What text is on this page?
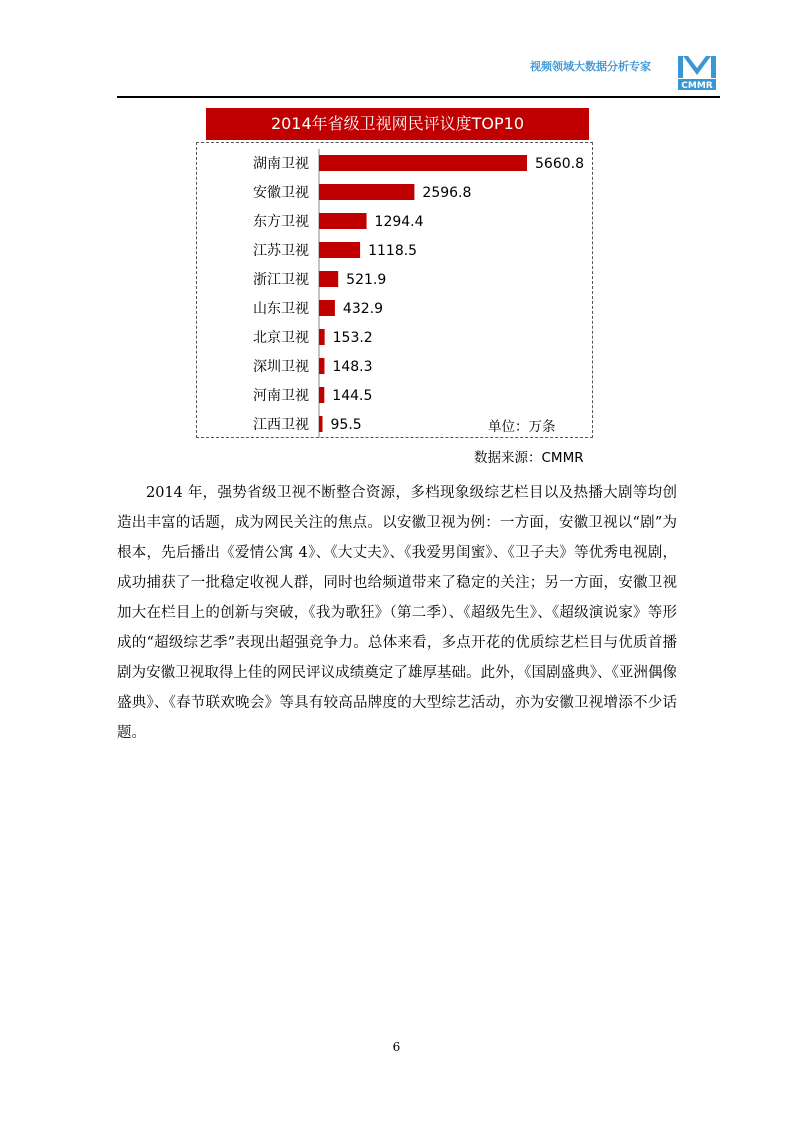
视频领域大数据分析专家
CMMR
2014年省级卫视网民评议度TOP10
湖南卫视	5660.8
安徽卫视	2596.8
东方卫视	1294.4
江苏卫视	1118.5
浙江卫视	521.9
山东卫视 432.9
北京卫视 153.2
深圳卫视 148.3
河南卫视 144.5
江西卫视 95.5	单位：万条
数据来源：CMMR

2014 年，强势省级卫视不断整合资源，多档现象级综艺栏目以及热播大剧等均创造出丰富的话题，成为网民关注的焦点。以安徽卫视为例：一方面，安徽卫视以“剧”为根本，先后播出《爱情公寓 4》、《大丈夫》、《我爱男闺蜜》、《卫子夫》等优秀电视剧，成功捕获了一批稳定收视人群，同时也给频道带来了稳定的关注；另一方面，安徽卫视加大在栏目上的创新与突破，《我为歌狂》（第二季）、《超级先生》、《超级演说家》等形成的“超级综艺季”表现出超强竞争力。总体来看，多点开花的优质综艺栏目与优质首播剧为安徽卫视取得上佳的网民评议成绩奠定了雄厚基础。此外，《国剧盛典》、《亚洲偶像盛典》、《春节联欢晚会》等具有较高品牌度的大型综艺活动，亦为安徽卫视增添不少话题。

6
